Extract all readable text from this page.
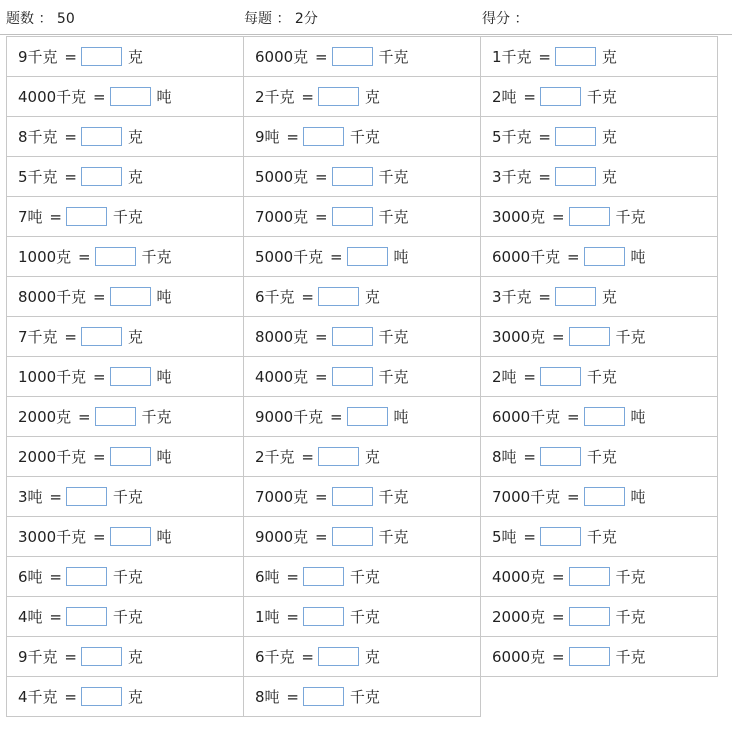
题数 ： 50	每题 ： 2分	得分 ：
9千克 = 克	6000克 = 千克	1千克 = 克
4000千克 = 吨	2千克 = 克	2吨 = 千克
8千克 = 克	9吨 = 千克	5千克 = 克
5千克 = 克	5000克 = 千克	3千克 = 克
7吨 = 千克	7000克 = 千克	3000克 = 千克
1000克 = 千克	5000千克 = 吨	6000千克 = 吨
8000千克 = 吨	6千克 = 克	3千克 = 克
7千克 = 克	8000克 = 千克	3000克 = 千克
1000千克 = 吨	4000克 = 千克	2吨 = 千克
2000克 = 千克	9000千克 = 吨	6000千克 = 吨
2000千克 = 吨	2千克 = 克	8吨 = 千克
3吨 = 千克	7000克 = 千克	7000千克 = 吨
3000千克 = 吨	9000克 = 千克	5吨 = 千克
6吨 = 千克	6吨 = 千克	4000克 = 千克
4吨 = 千克	1吨 = 千克	2000克 = 千克
9千克 = 克	6千克 = 克	6000克 = 千克
4千克 = 克	8吨 = 千克	
